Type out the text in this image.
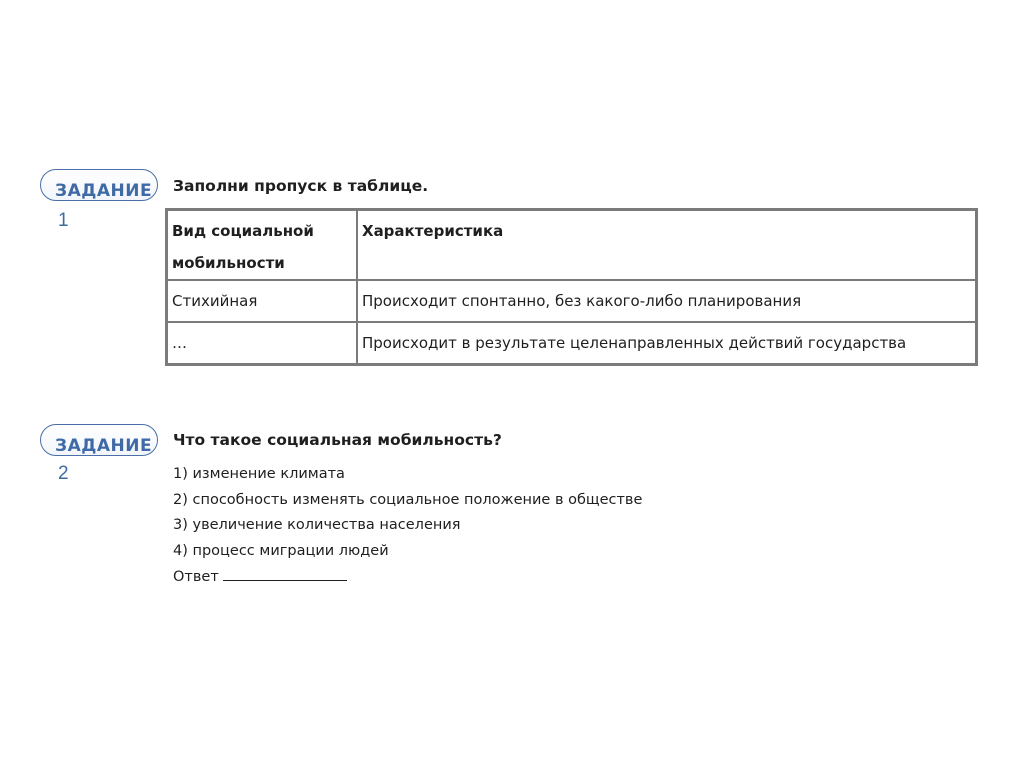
ЗАДАНИЕ
1
Заполни пропуск в таблице.
Вид социальной мобильности	Характеристика
Стихийная	Происходит спонтанно, без какого-либо планирования
…	Происходит в результате целенаправленных действий государства
ЗАДАНИЕ
2
Что такое социальная мобильность?
1) изменение климата
2) способность изменять социальное положение в обществе
3) увеличение количества населения
4) процесс миграции людей
Ответ
